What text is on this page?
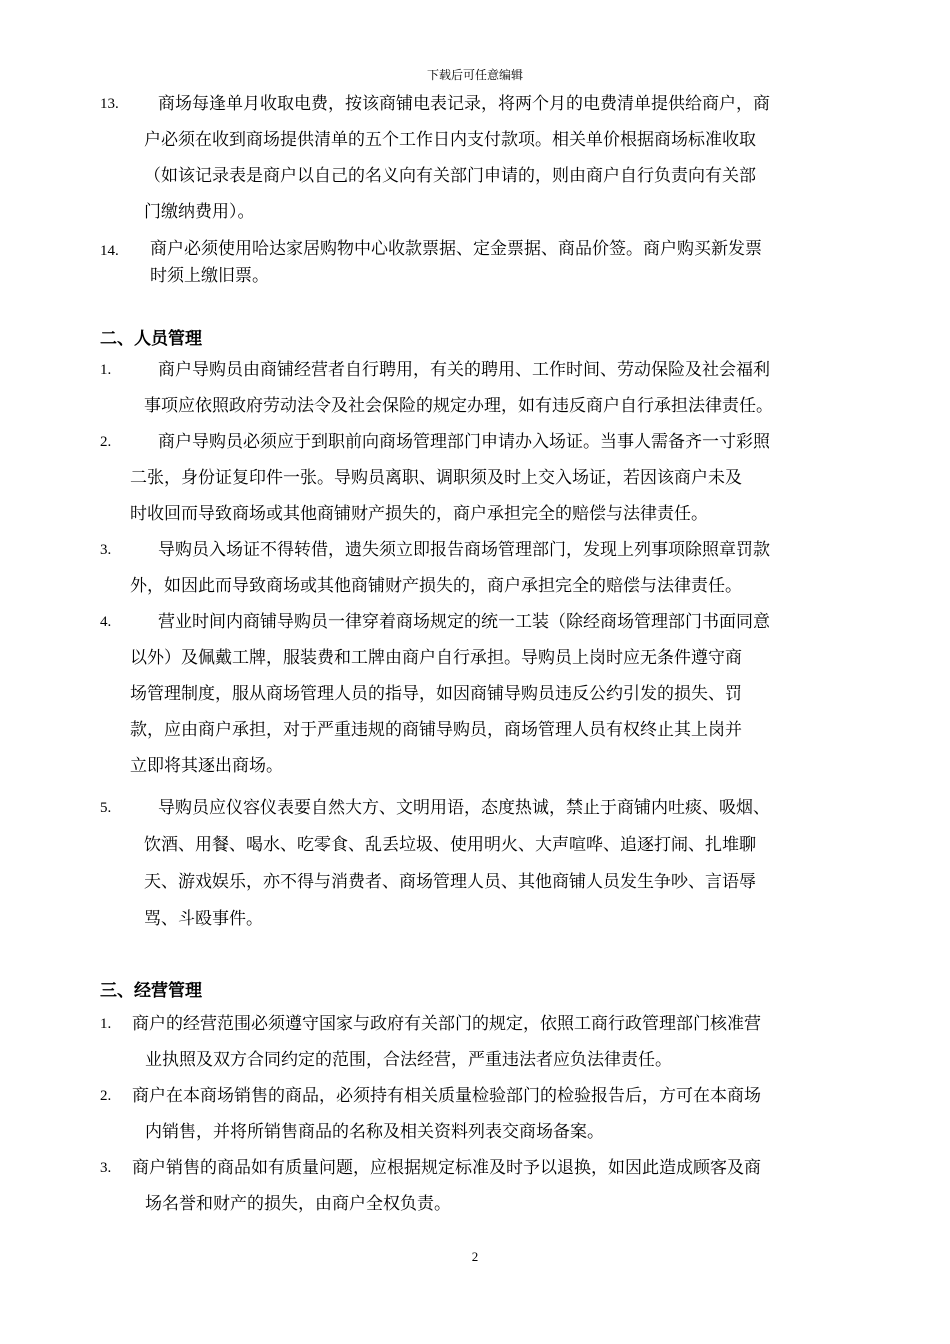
下载后可任意编辑
13. 商场每逢单月收取电费，按该商铺电表记录，将两个月的电费清单提供给商户，商
户必须在收到商场提供清单的五个工作日内支付款项。相关单价根据商场标准收取
（如该记录表是商户以自己的名义向有关部门申请的，则由商户自行负责向有关部
门缴纳费用）。
14. 商户必须使用哈达家居购物中心收款票据、定金票据、商品价签。商户购买新发票
时须上缴旧票。
二、人员管理
1.	商户导购员由商铺经营者自行聘用，有关的聘用、工作时间、劳动保险及社会福利
事项应依照政府劳动法令及社会保险的规定办理，如有违反商户自行承担法律责任。
2.	商户导购员必须应于到职前向商场管理部门申请办入场证。当事人需备齐一寸彩照
二张，身份证复印件一张。导购员离职、调职须及时上交入场证，若因该商户未及
时收回而导致商场或其他商铺财产损失的，商户承担完全的赔偿与法律责任。
3.	导购员入场证不得转借，遗失须立即报告商场管理部门，发现上列事项除照章罚款
外，如因此而导致商场或其他商铺财产损失的，商户承担完全的赔偿与法律责任。
4.	营业时间内商铺导购员一律穿着商场规定的统一工装（除经商场管理部门书面同意
以外）及佩戴工牌，服装费和工牌由商户自行承担。导购员上岗时应无条件遵守商
场管理制度，服从商场管理人员的指导，如因商铺导购员违反公约引发的损失、罚
款，应由商户承担，对于严重违规的商铺导购员，商场管理人员有权终止其上岗并
立即将其逐出商场。
5.	导购员应仪容仪表要自然大方、文明用语，态度热诚，禁止于商铺内吐痰、吸烟、
饮酒、用餐、喝水、吃零食、乱丢垃圾、使用明火、大声喧哗、追逐打闹、扎堆聊
天、游戏娱乐，亦不得与消费者、商场管理人员、其他商铺人员发生争吵、言语辱
骂、斗殴事件。
三、经营管理
1. 商户的经营范围必须遵守国家与政府有关部门的规定，依照工商行政管理部门核准营
业执照及双方合同约定的范围，合法经营，严重违法者应负法律责任。
2. 商户在本商场销售的商品，必须持有相关质量检验部门的检验报告后，方可在本商场
内销售，并将所销售商品的名称及相关资料列表交商场备案。
3. 商户销售的商品如有质量问题，应根据规定标准及时予以退换，如因此造成顾客及商
场名誉和财产的损失，由商户全权负责。
2
